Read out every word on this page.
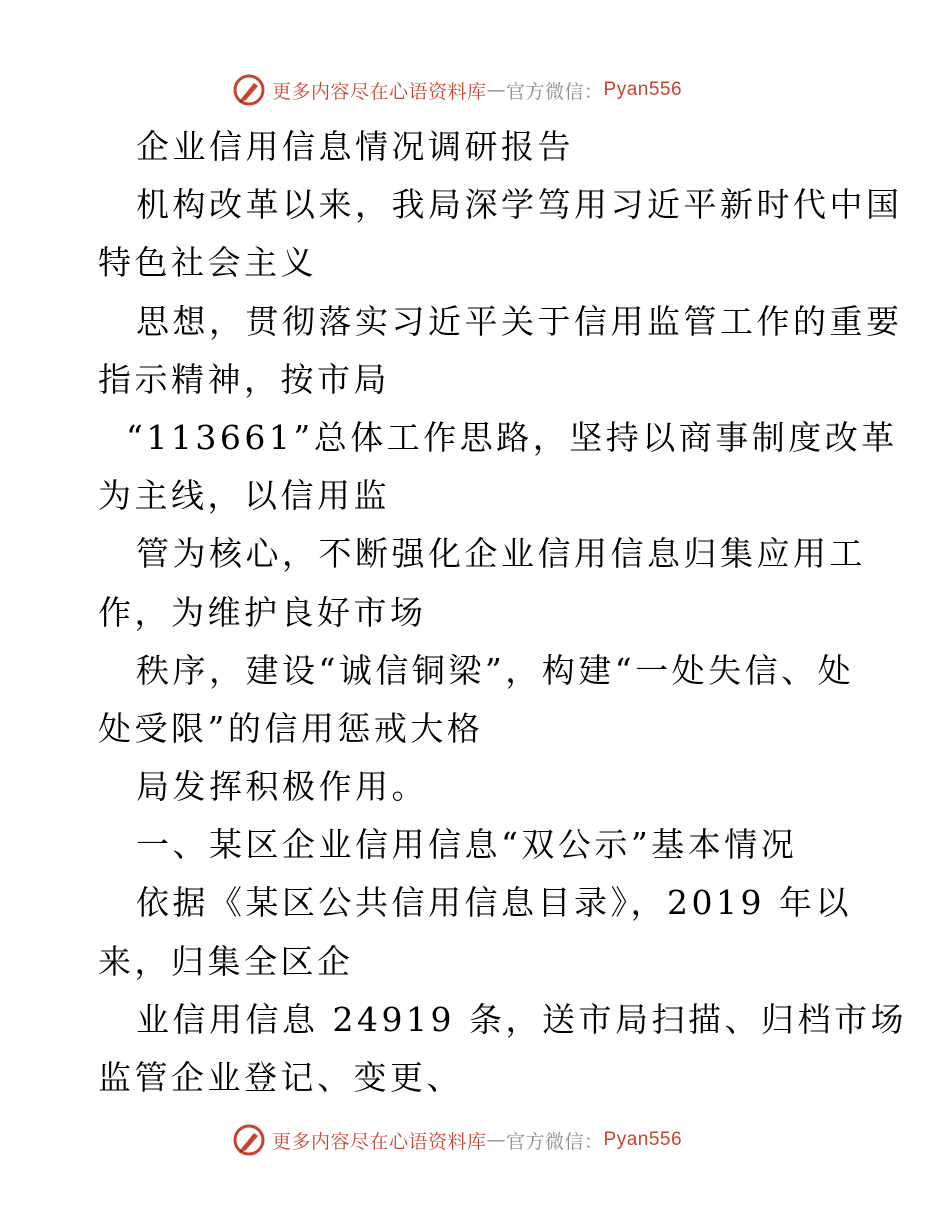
更多内容尽在心语资料库 — 官方微信： Pyan556
企业信用信息情况调研报告
机构改革以来，我局深学笃用习近平新时代中国
特色社会主义
思想，贯彻落实习近平关于信用监管工作的重要
指示精神，按市局
“113661”总体工作思路，坚持以商事制度改革
为主线，以信用监
管为核心，不断强化企业信用信息归集应用工
作，为维护良好市场
秩序，建设“诚信铜梁”，构建“一处失信、处
处受限”的信用惩戒大格
局发挥积极作用。
一、某区企业信用信息“双公示”基本情况
依据《某区公共信用信息目录》，2019 年以
来，归集全区企
业信用信息 24919 条，送市局扫描、归档市场
监管企业登记、变更、
更多内容尽在心语资料库 — 官方微信： Pyan556
